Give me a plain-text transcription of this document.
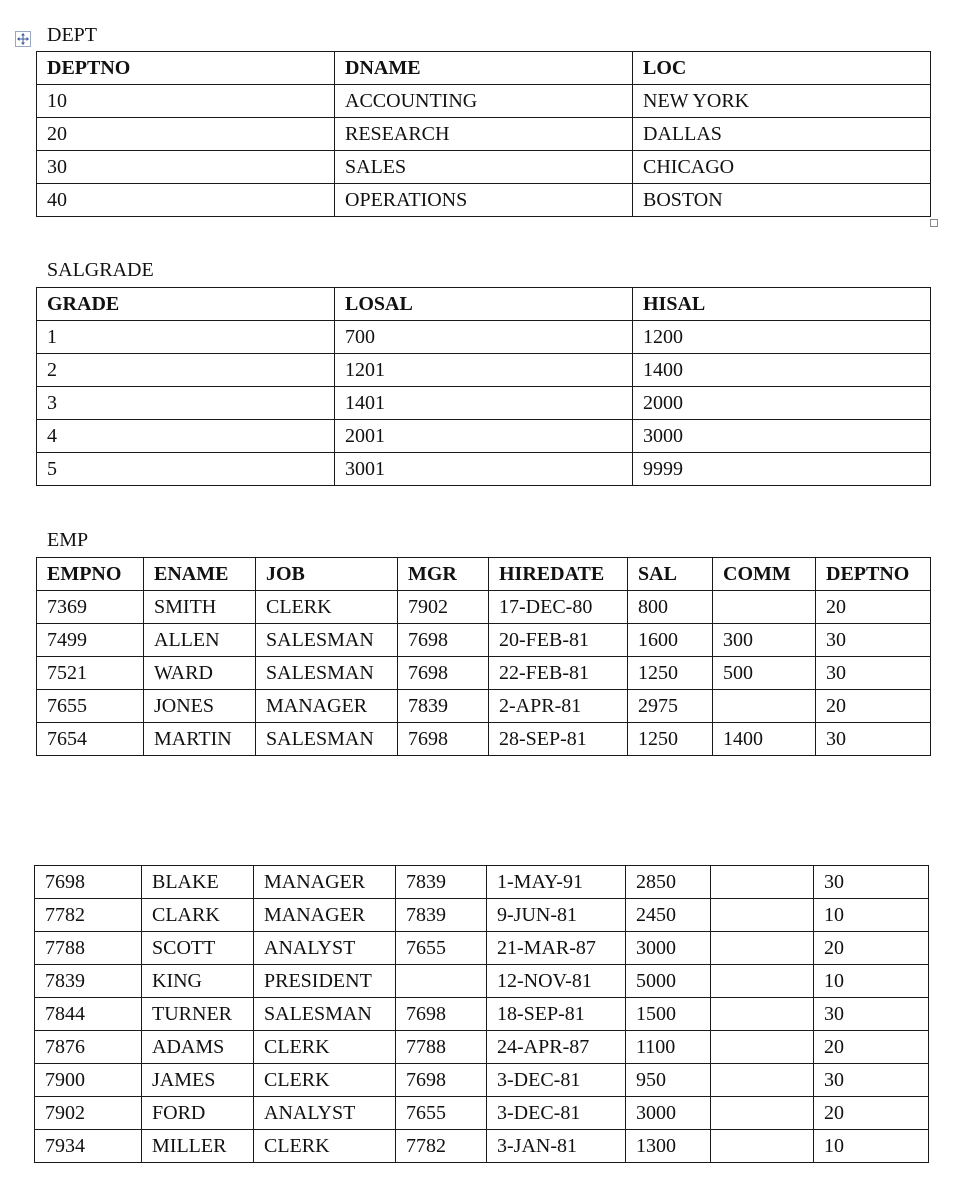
DEPT
DEPTNO	DNAME	LOC
10	ACCOUNTING	NEW YORK
20	RESEARCH	DALLAS
30	SALES	CHICAGO
40	OPERATIONS	BOSTON
SALGRADE
GRADE	LOSAL	HISAL
1	700	1200
2	1201	1400
3	1401	2000
4	2001	3000
5	3001	9999
EMP
EMPNO	ENAME	JOB	MGR	HIREDATE	SAL	COMM	DEPTNO
7369	SMITH	CLERK	7902	17-DEC-80	800		20
7499	ALLEN	SALESMAN	7698	20-FEB-81	1600	300	30
7521	WARD	SALESMAN	7698	22-FEB-81	1250	500	30
7655	JONES	MANAGER	7839	2-APR-81	2975		20
7654	MARTIN	SALESMAN	7698	28-SEP-81	1250	1400	30
7698	BLAKE	MANAGER	7839	1-MAY-91	2850		30
7782	CLARK	MANAGER	7839	9-JUN-81	2450		10
7788	SCOTT	ANALYST	7655	21-MAR-87	3000		20
7839	KING	PRESIDENT		12-NOV-81	5000		10
7844	TURNER	SALESMAN	7698	18-SEP-81	1500		30
7876	ADAMS	CLERK	7788	24-APR-87	1100		20
7900	JAMES	CLERK	7698	3-DEC-81	950		30
7902	FORD	ANALYST	7655	3-DEC-81	3000		20
7934	MILLER	CLERK	7782	3-JAN-81	1300		10
